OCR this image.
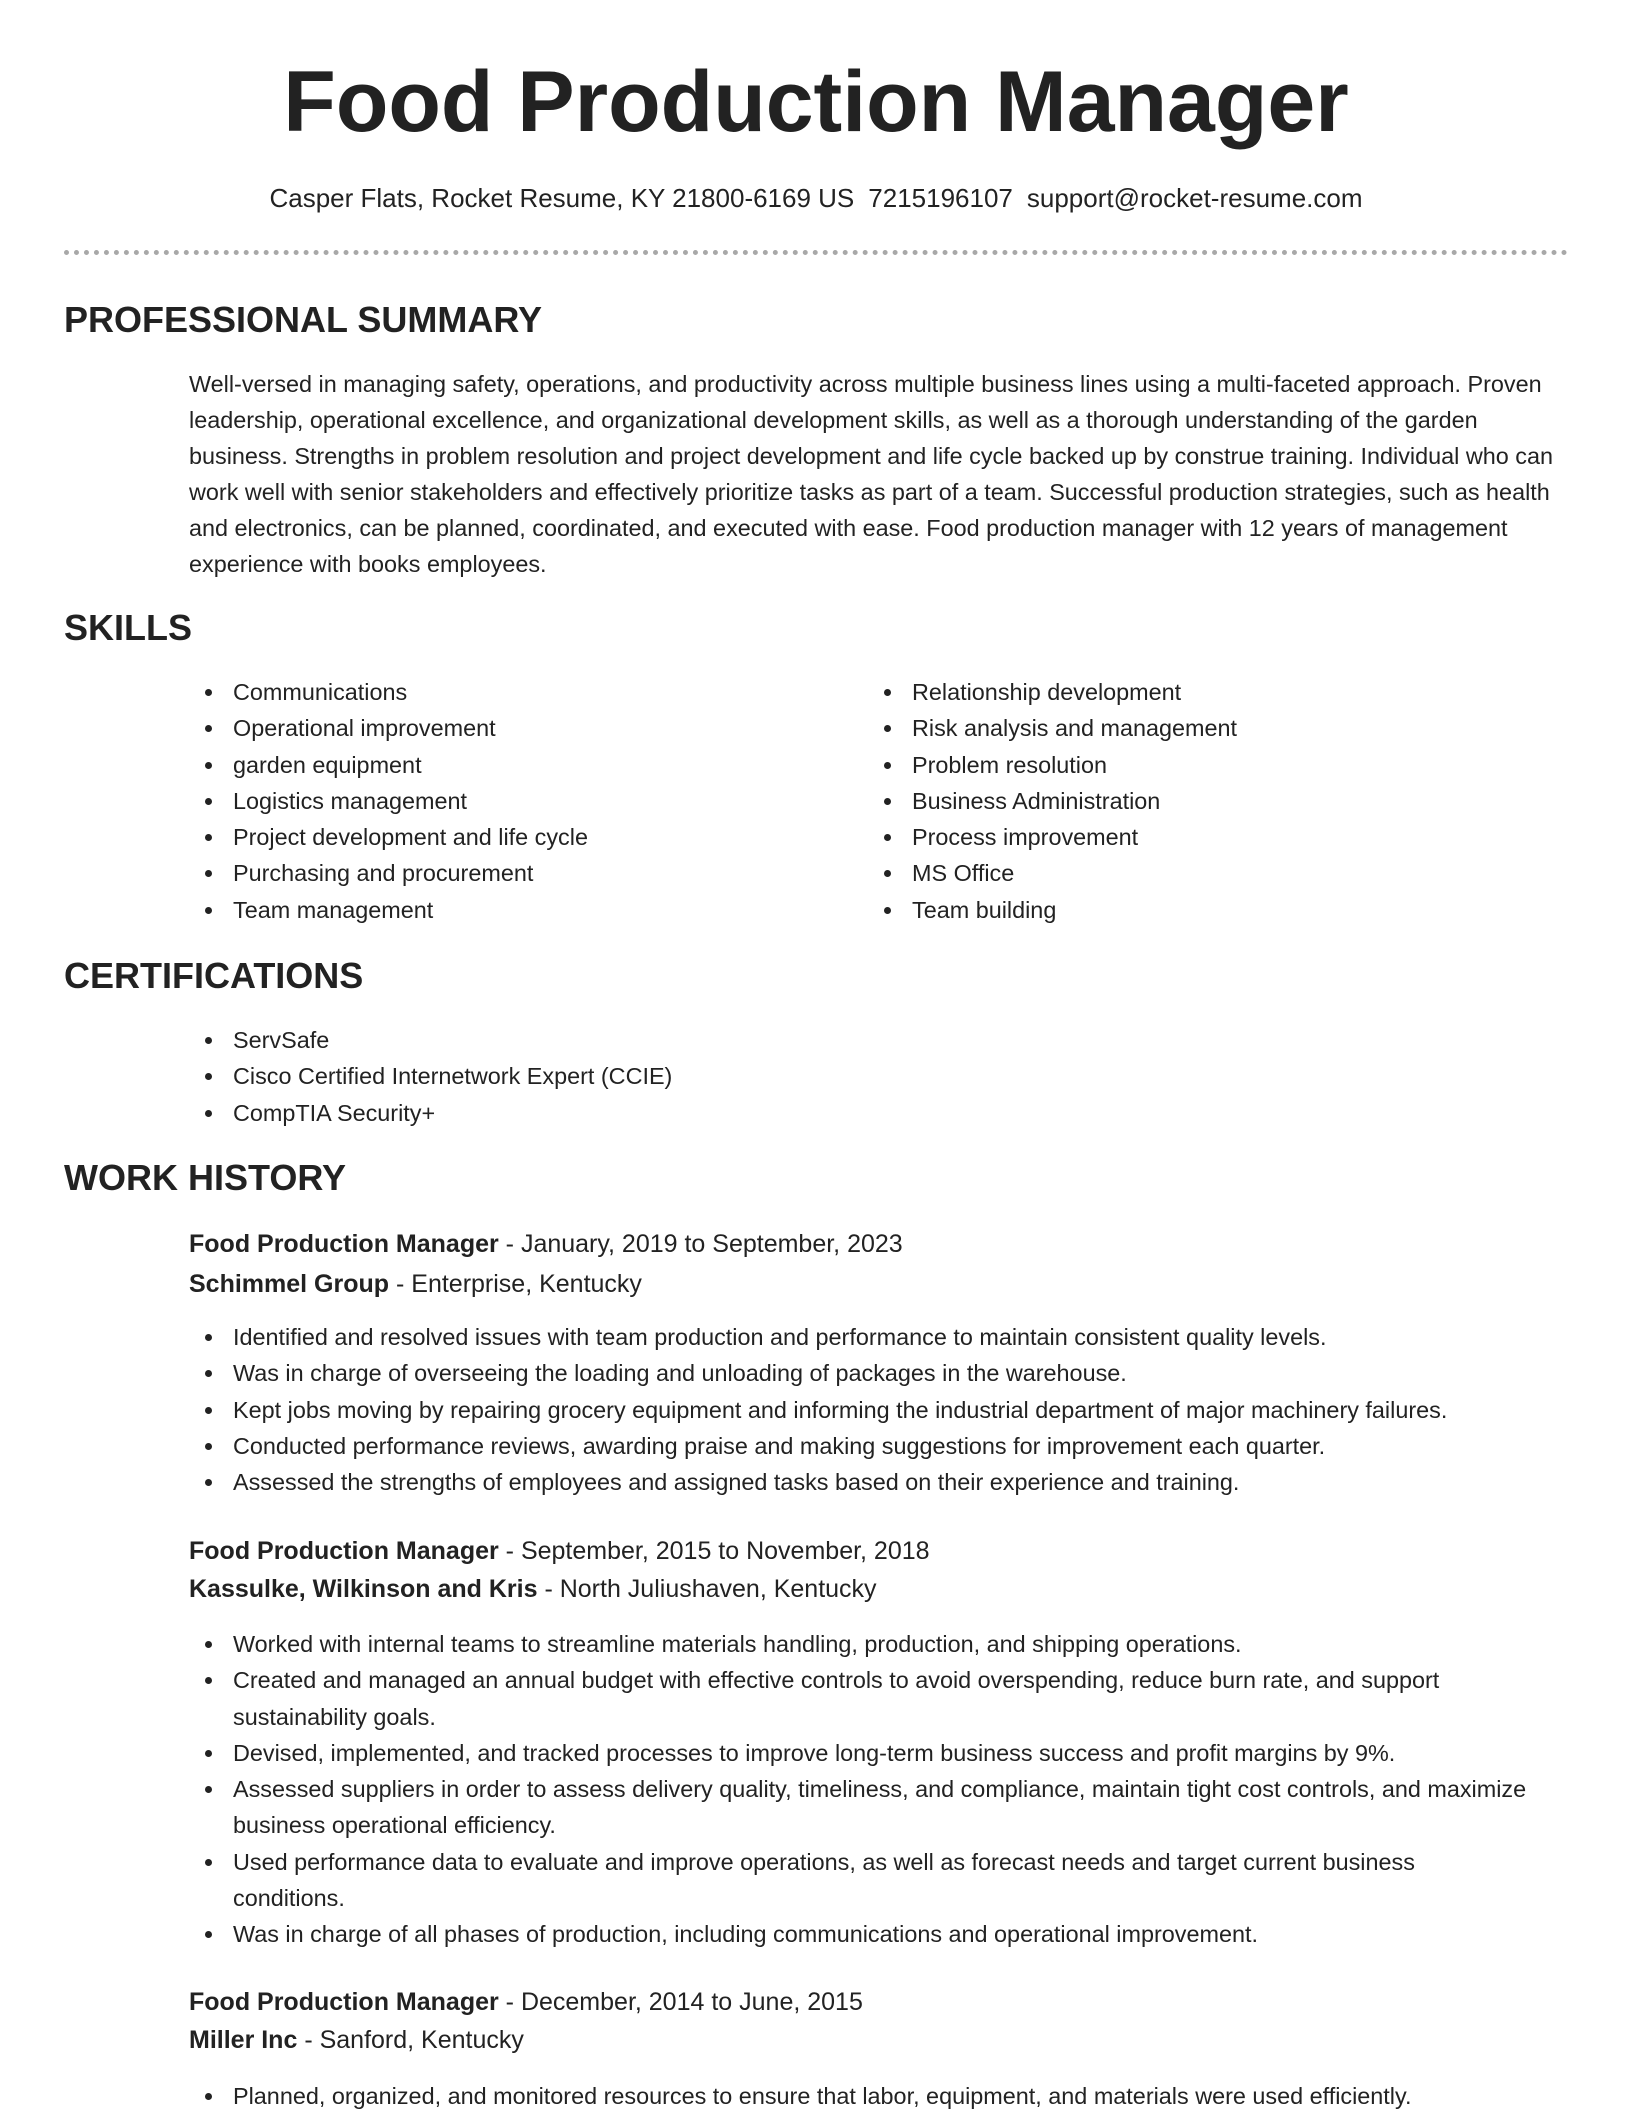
Food Production Manager
Casper Flats, Rocket Resume, KY 21800-6169 US 7215196107 support@rocket-resume.com
PROFESSIONAL SUMMARY

Well-versed in managing safety, operations, and productivity across multiple business lines using a multi-faceted approach. Proven leadership, operational excellence, and organizational development skills, as well as a thorough understanding of the garden business. Strengths in problem resolution and project development and life cycle backed up by construe training. Individual who can work well with senior stakeholders and effectively prioritize tasks as part of a team. Successful production strategies, such as health and electronics, can be planned, coordinated, and executed with ease. Food production manager with 12 years of management experience with books employees.

SKILLS
Communications
Operational improvement
garden equipment
Logistics management
Project development and life cycle
Purchasing and procurement
Team management
Relationship development
Risk analysis and management
Problem resolution
Business Administration
Process improvement
MS Office
Team building
CERTIFICATIONS
ServSafe
Cisco Certified Internetwork Expert (CCIE)
CompTIA Security+
WORK HISTORY
Food Production Manager - January, 2019 to September, 2023
Schimmel Group - Enterprise, Kentucky
Identified and resolved issues with team production and performance to maintain consistent quality levels.
Was in charge of overseeing the loading and unloading of packages in the warehouse.
Kept jobs moving by repairing grocery equipment and informing the industrial department of major machinery failures.
Conducted performance reviews, awarding praise and making suggestions for improvement each quarter.
Assessed the strengths of employees and assigned tasks based on their experience and training.
Food Production Manager - September, 2015 to November, 2018
Kassulke, Wilkinson and Kris - North Juliushaven, Kentucky
Worked with internal teams to streamline materials handling, production, and shipping operations.
Created and managed an annual budget with effective controls to avoid overspending, reduce burn rate, and support sustainability goals.
Devised, implemented, and tracked processes to improve long-term business success and profit margins by 9%.
Assessed suppliers in order to assess delivery quality, timeliness, and compliance, maintain tight cost controls, and maximize business operational efficiency.
Used performance data to evaluate and improve operations, as well as forecast needs and target current business conditions.
Was in charge of all phases of production, including communications and operational improvement.
Food Production Manager - December, 2014 to June, 2015
Miller Inc - Sanford, Kentucky
Planned, organized, and monitored resources to ensure that labor, equipment, and materials were used efficiently.
